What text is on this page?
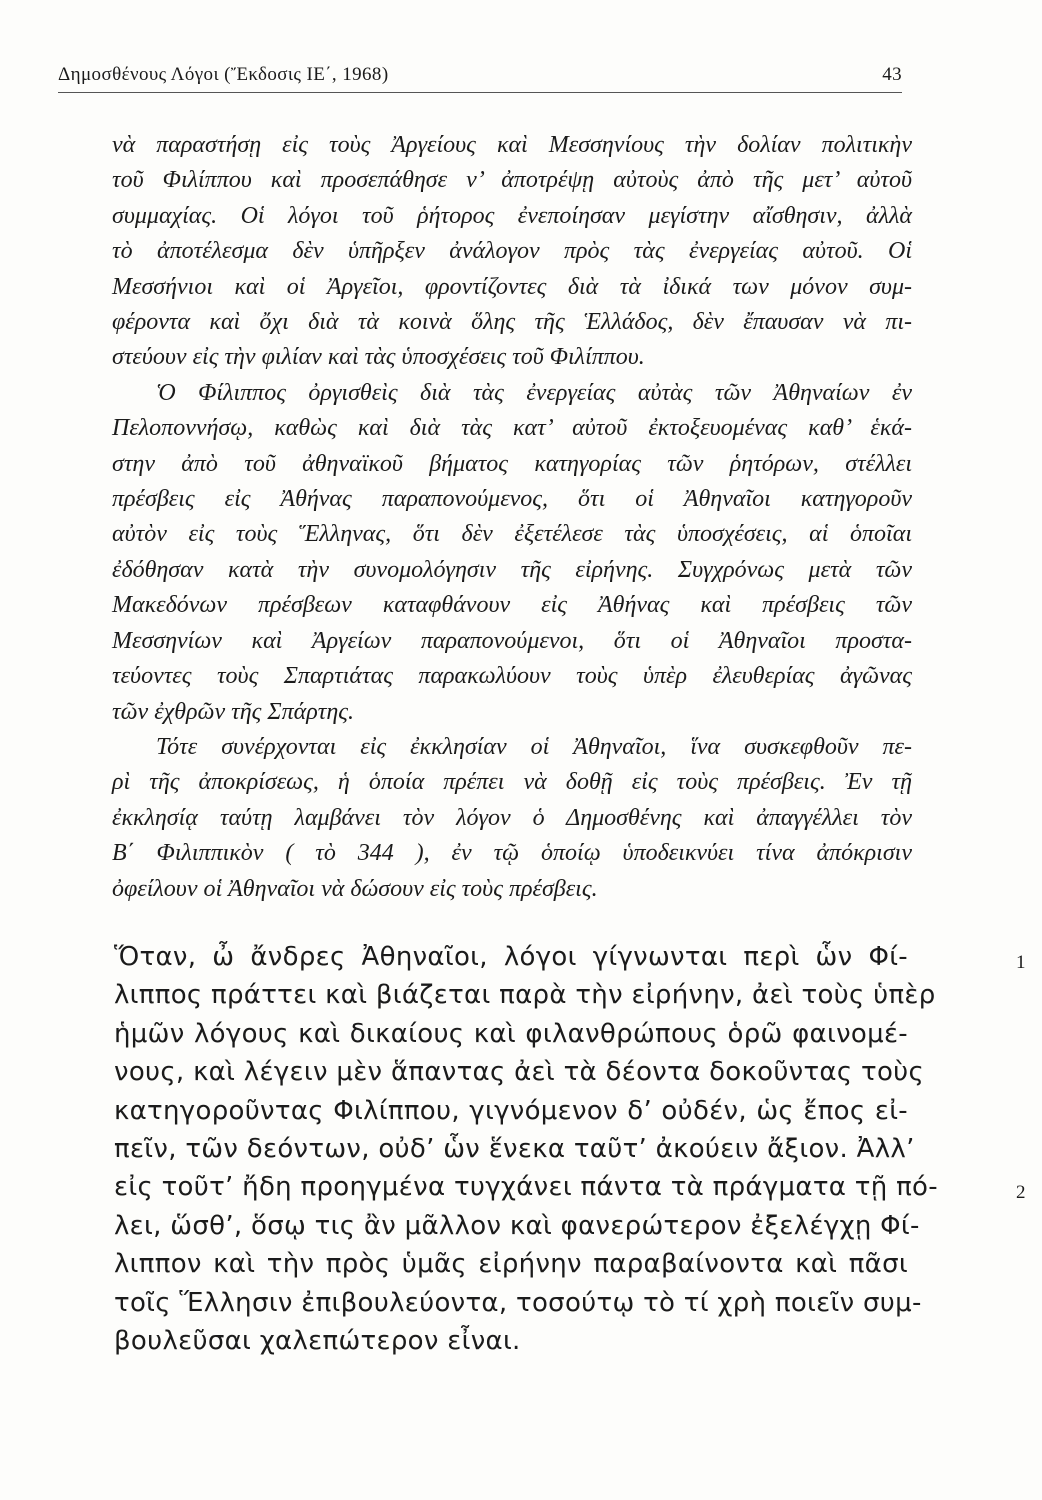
Δημοσθένους Λόγοι (Ἔκδοσις ΙΕ΄, 1968)	43

νὰ παραστήσῃ εἰς τοὺς Ἀργείους καὶ Μεσσηνίους τὴν δολίαν πολιτικὴν
τοῦ Φιλίππου καὶ προσεπάθησε ν’ ἀποτρέψῃ αὐτοὺς ἀπὸ τῆς μετ’ αὐτοῦ
συμμαχίας. Οἱ λόγοι τοῦ ῥήτορος ἐνεποίησαν μεγίστην αἴσθησιν, ἀλλὰ
τὸ ἀποτέλεσμα δὲν ὑπῆρξεν ἀνάλογον πρὸς τὰς ἐνεργείας αὐτοῦ. Οἱ
Μεσσήνιοι καὶ οἱ Ἀργεῖοι, φροντίζοντες διὰ τὰ ἰδικά των μόνον συμ-
φέροντα καὶ ὄχι διὰ τὰ κοινὰ ὅλης τῆς Ἑλλάδος, δὲν ἔπαυσαν νὰ πι-
στεύουν εἰς τὴν φιλίαν καὶ τὰς ὑποσχέσεις τοῦ Φιλίππου.

Ὁ Φίλιππος ὀργισθεὶς διὰ τὰς ἐνεργείας αὐτὰς τῶν Ἀθηναίων ἐν
Πελοποννήσῳ, καθὼς καὶ διὰ τὰς κατ’ αὐτοῦ ἐκτοξευομένας καθ’ ἑκά-
στην ἀπὸ τοῦ ἀθηναϊκοῦ βήματος κατηγορίας τῶν ῥητόρων, στέλλει
πρέσβεις εἰς Ἀθήνας παραπονούμενος, ὅτι οἱ Ἀθηναῖοι κατηγοροῦν
αὐτὸν εἰς τοὺς Ἕλληνας, ὅτι δὲν ἐξετέλεσε τὰς ὑποσχέσεις, αἱ ὁποῖαι
ἐδόθησαν κατὰ τὴν συνομολόγησιν τῆς εἰρήνης. Συγχρόνως μετὰ τῶν
Μακεδόνων πρέσβεων καταφθάνουν εἰς Ἀθήνας καὶ πρέσβεις τῶν
Μεσσηνίων καὶ Ἀργείων παραπονούμενοι, ὅτι οἱ Ἀθηναῖοι προστα-
τεύοντες τοὺς Σπαρτιάτας παρακωλύουν τοὺς ὑπὲρ ἐλευθερίας ἀγῶνας
τῶν ἐχθρῶν τῆς Σπάρτης.

Τότε συνέρχονται εἰς ἐκκλησίαν οἱ Ἀθηναῖοι, ἵνα συσκεφθοῦν πε-
ρὶ τῆς ἀποκρίσεως, ἡ ὁποία πρέπει νὰ δοθῇ εἰς τοὺς πρέσβεις. Ἐν τῇ
ἐκκλησίᾳ ταύτῃ λαμβάνει τὸν λόγον ὁ Δημοσθένης καὶ ἀπαγγέλλει τὸν
Β΄ Φιλιππικὸν ( τὸ 344 ), ἐν τῷ ὁποίῳ ὑποδεικνύει τίνα ἀπόκρισιν
ὀφείλουν οἱ Ἀθηναῖοι νὰ δώσουν εἰς τοὺς πρέσβεις.

Ὅταν, ὦ ἄνδρες Ἀθηναῖοι, λόγοι γίγνωνται περὶ ὧν Φί-
λιππος πράττει καὶ βιάζεται παρὰ τὴν εἰρήνην, ἀεὶ τοὺς ὑπὲρ
ἡμῶν λόγους καὶ δικαίους καὶ φιλανθρώπους ὁρῶ φαινομέ-
νους, καὶ λέγειν μὲν ἅπαντας ἀεὶ τὰ δέοντα δοκοῦντας τοὺς
κατηγοροῦντας Φιλίππου, γιγνόμενον δ’ οὐδέν, ὡς ἔπος εἰ-
πεῖν, τῶν δεόντων, οὐδ’ ὧν ἕνεκα ταῦτ’ ἀκούειν ἄξιον. Ἀλλ’
εἰς τοῦτ’ ἤδη προηγμένα τυγχάνει πάντα τὰ πράγματα τῇ πό-
λει, ὥσθ’, ὅσῳ τις ἂν μᾶλλον καὶ φανερώτερον ἐξελέγχῃ Φί-
λιππον καὶ τὴν πρὸς ὑμᾶς εἰρήνην παραβαίνοντα καὶ πᾶσι
τοῖς Ἕλλησιν ἐπιβουλεύοντα, τοσούτῳ τὸ τί χρὴ ποιεῖν συμ-
βουλεῦσαι χαλεπώτερον εἶναι.
1
2
